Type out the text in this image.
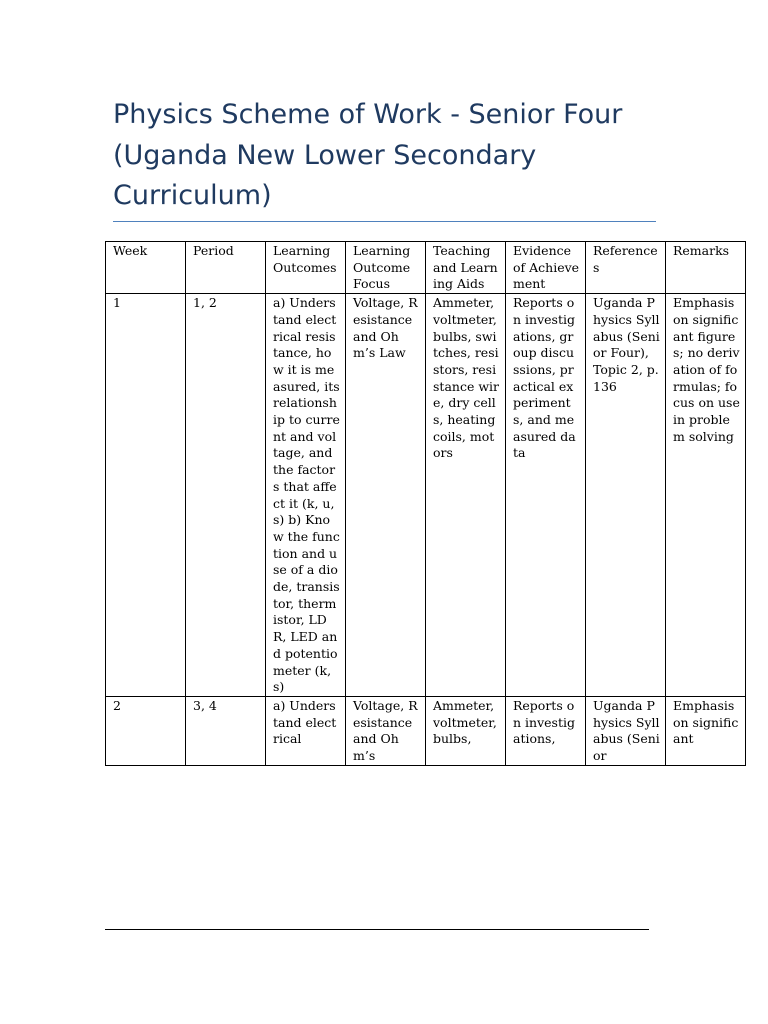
Physics Scheme of Work - Senior Four (Uganda New Lower Secondary Curriculum)
Week	Period	Learning Outcomes	Learning Outcome Focus	Teaching and Learning Aids	Evidence of Achievement	References	Remarks
1	1, 2	a) Understand electrical resistance, how it is measured, its relationship to current and voltage, and the factors that affect it (k, u, s) b) Know the function and use of a diode, transistor, thermistor, LDR, LED and potentiometer (k, s)	Voltage, Resistance and Ohm’s Law	Ammeter, voltmeter, bulbs, switches, resistors, resistance wire, dry cells, heating coils, motors	Reports on investigations, group discussions, practical experiments, and measured data	Uganda Physics Syllabus (Senior Four), Topic 2, p.136	Emphasis on significant figures; no derivation of formulas; focus on use in problem solving
2	3, 4	a) Understand electrical	Voltage, Resistance and Ohm’s	Ammeter, voltmeter, bulbs,	Reports on investigations,	Uganda Physics Syllabus (Senior	Emphasis on significant
